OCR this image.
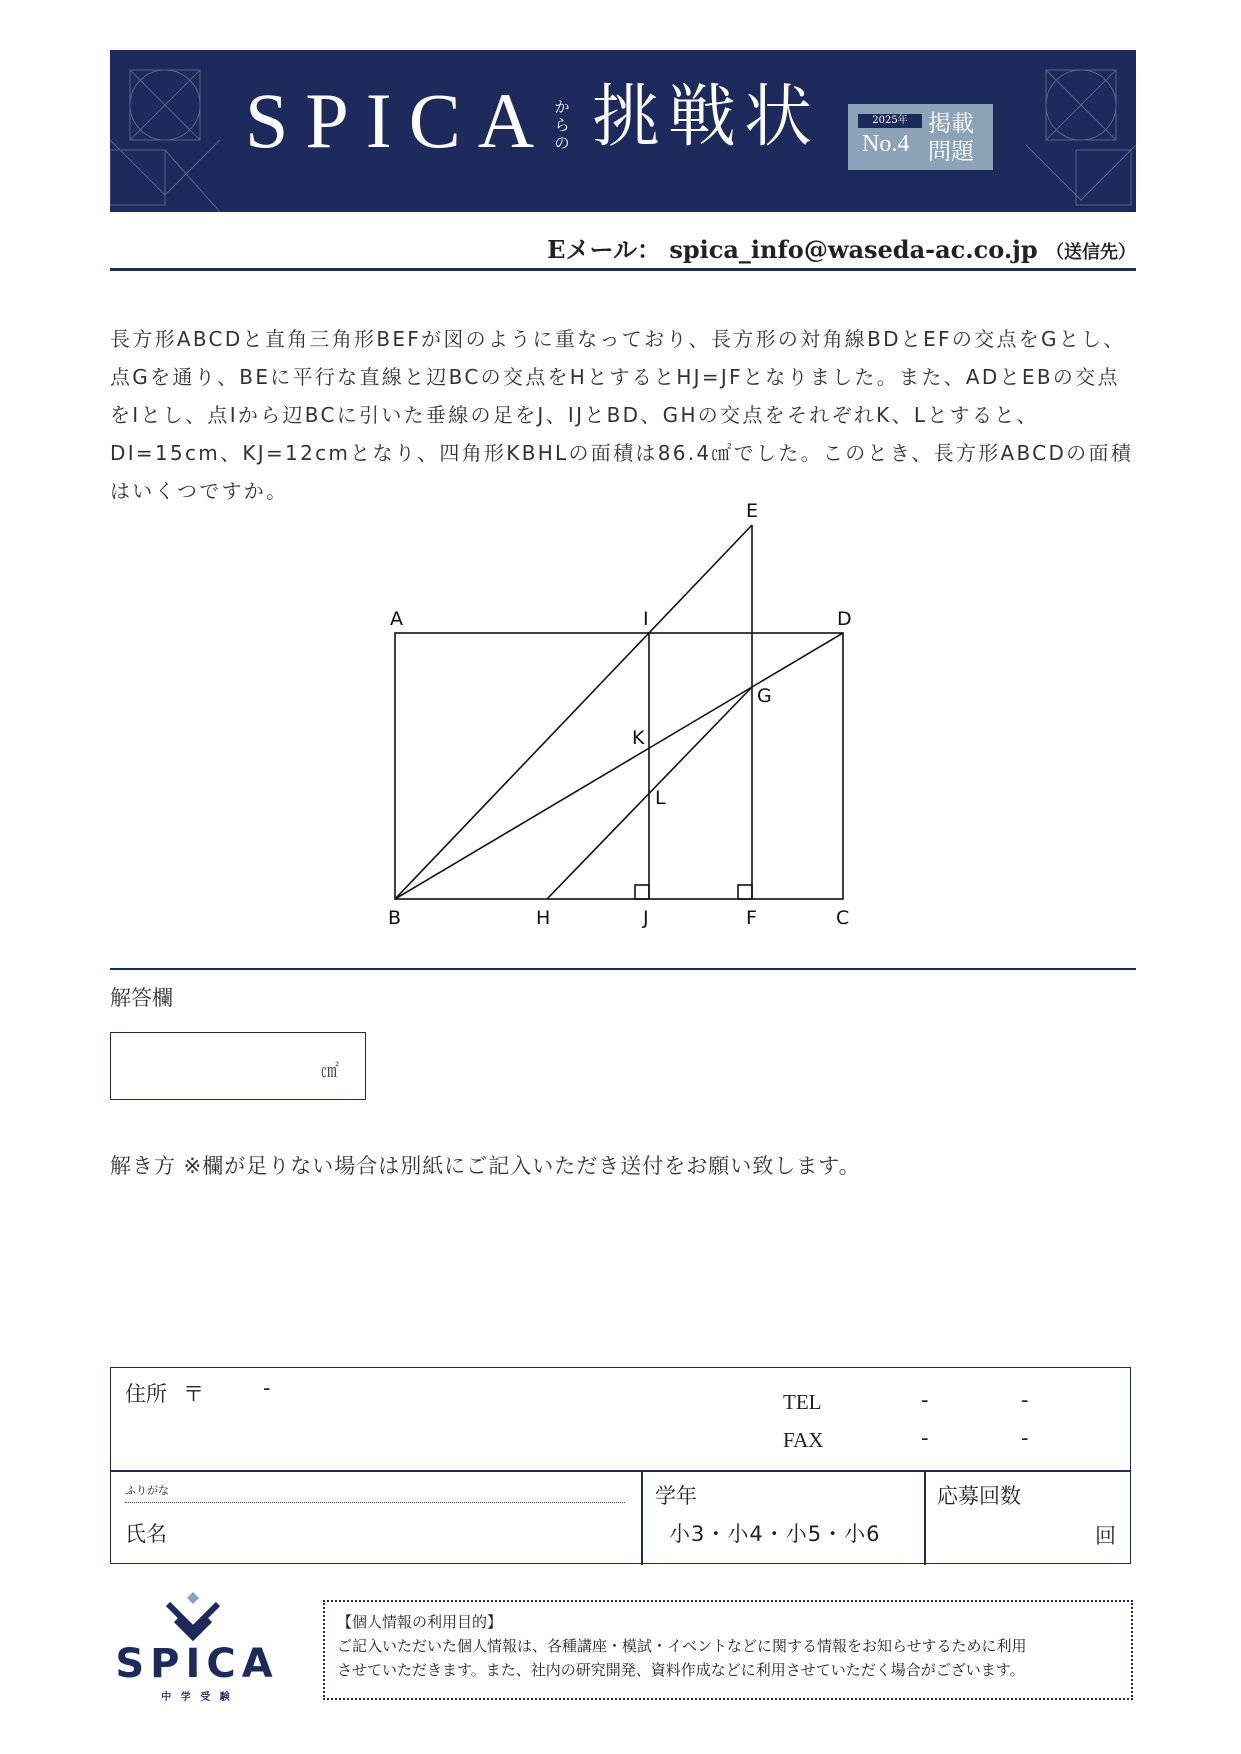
SPICA からの 挑戦状	2025年
No.4
掲載
問題
Eメール： spica_info@waseda-ac.co.jp （送信先）
長方形ABCDと直角三角形BEFが図のように重なっており、長方形の対角線BDとEFの交点をGとし、点Gを通り、BEに平行な直線と辺BCの交点をHとするとHJ=JFとなりました。また、ADとEBの交点をIとし、点Iから辺BCに引いた垂線の足をJ、IJとBD、GHの交点をそれぞれK、Lとすると、DI=15cm、KJ=12cmとなり、四角形KBHLの面積は86.4㎠でした。このとき、長方形ABCDの面積はいくつですか。
A
B	C
D
E
F
G
H
I
J
K
L
解答欄
㎠
解き方 ※欄が足りない場合は別紙にご記入いただき送付をお願い致します。
住所 〒	-
TEL	-	-
FAX	-	-
ふりがな
氏名
学年
小3・小4・小5・小6
応募回数
回
SPICA
中 学 受 験
【個人情報の利用目的】
ご記入いただいた個人情報は、各種講座・模試・イベントなどに関する情報をお知らせするために利用
させていただきます。また、社内の研究開発、資料作成などに利用させていただく場合がございます。
